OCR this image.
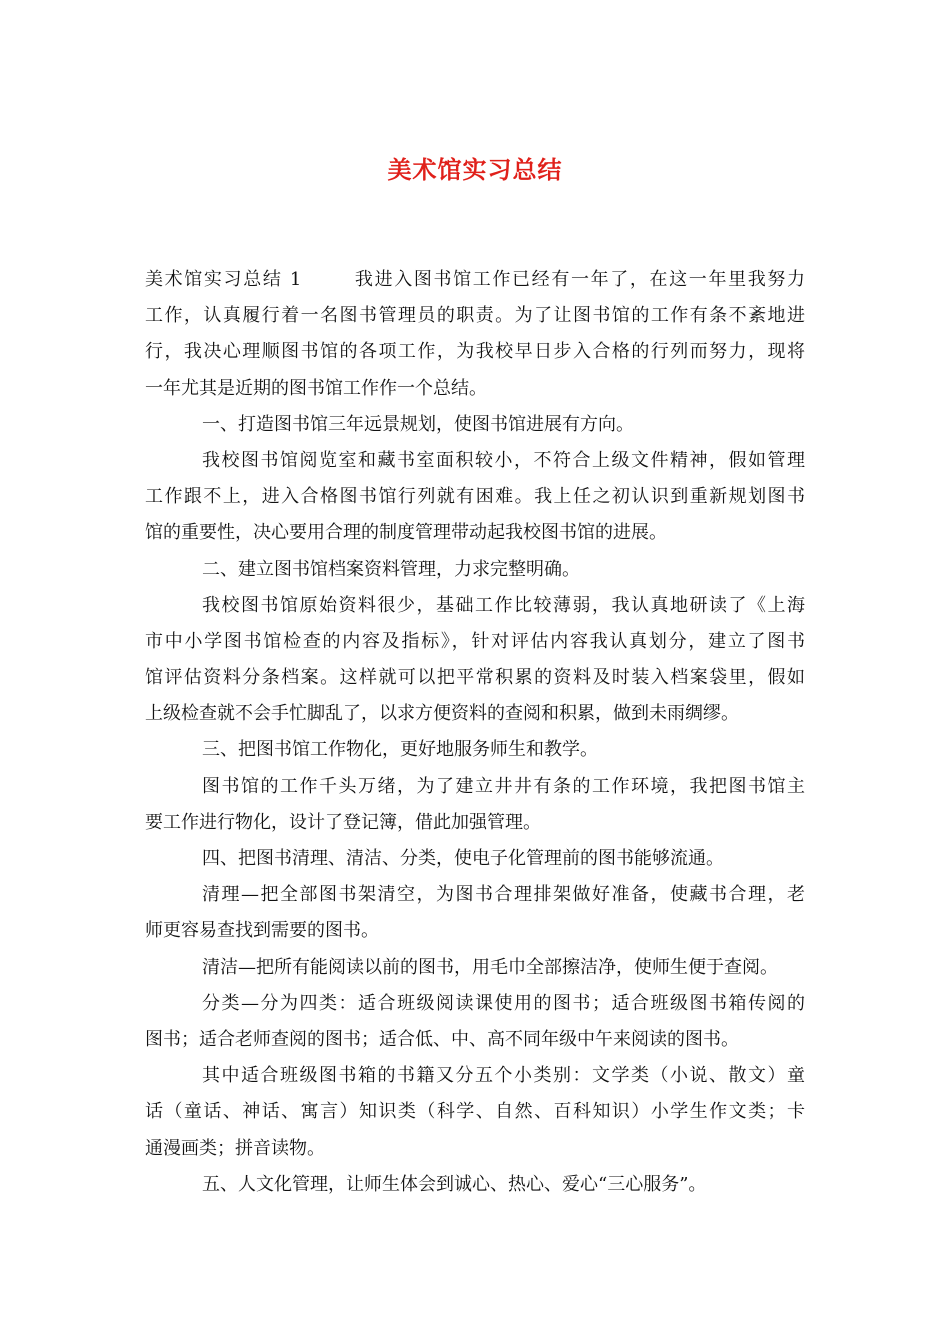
美术馆实习总结
美术馆实习总结 1	我进入图书馆工作已经有一年了，在这一年里我努力
工作，认真履行着一名图书管理员的职责。为了让图书馆的工作有条不紊地进
行，我决心理顺图书馆的各项工作，为我校早日步入合格的行列而努力，现将
一年尤其是近期的图书馆工作作一个总结。
一、打造图书馆三年远景规划，使图书馆进展有方向。
我校图书馆阅览室和藏书室面积较小，不符合上级文件精神，假如管理
工作跟不上，进入合格图书馆行列就有困难。我上任之初认识到重新规划图书
馆的重要性，决心要用合理的制度管理带动起我校图书馆的进展。
二、建立图书馆档案资料管理，力求完整明确。
我校图书馆原始资料很少，基础工作比较薄弱，我认真地研读了《上海
市中小学图书馆检查的内容及指标》，针对评估内容我认真划分，建立了图书
馆评估资料分条档案。这样就可以把平常积累的资料及时装入档案袋里，假如
上级检查就不会手忙脚乱了，以求方便资料的查阅和积累，做到未雨绸缪。
三、把图书馆工作物化，更好地服务师生和教学。
图书馆的工作千头万绪，为了建立井井有条的工作环境，我把图书馆主
要工作进行物化，设计了登记簿，借此加强管理。
四、把图书清理、清洁、分类，使电子化管理前的图书能够流通。
清理—把全部图书架清空，为图书合理排架做好准备，使藏书合理，老
师更容易查找到需要的图书。
清洁—把所有能阅读以前的图书，用毛巾全部擦洁净，使师生便于查阅。
分类—分为四类：适合班级阅读课使用的图书；适合班级图书箱传阅的
图书；适合老师查阅的图书；适合低、中、高不同年级中午来阅读的图书。
其中适合班级图书箱的书籍又分五个小类别：文学类（小说、散文）童
话（童话、神话、寓言）知识类（科学、自然、百科知识）小学生作文类；卡
通漫画类；拼音读物。
五、人文化管理，让师生体会到诚心、热心、爱心“三心服务”。
